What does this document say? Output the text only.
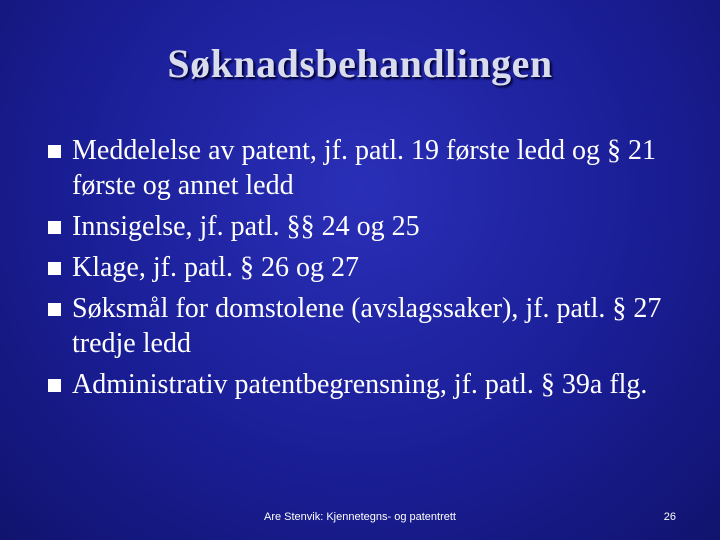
Søknadsbehandlingen
Meddelelse av patent, jf. patl. 19 første ledd og § 21 første og annet ledd
Innsigelse, jf. patl. §§ 24 og 25
Klage, jf. patl. § 26 og 27
Søksmål for domstolene (avslagssaker), jf. patl. § 27 tredje ledd
Administrativ patentbegrensning, jf. patl. § 39a flg.
Are Stenvik: Kjennetegns- og patentrett	26
